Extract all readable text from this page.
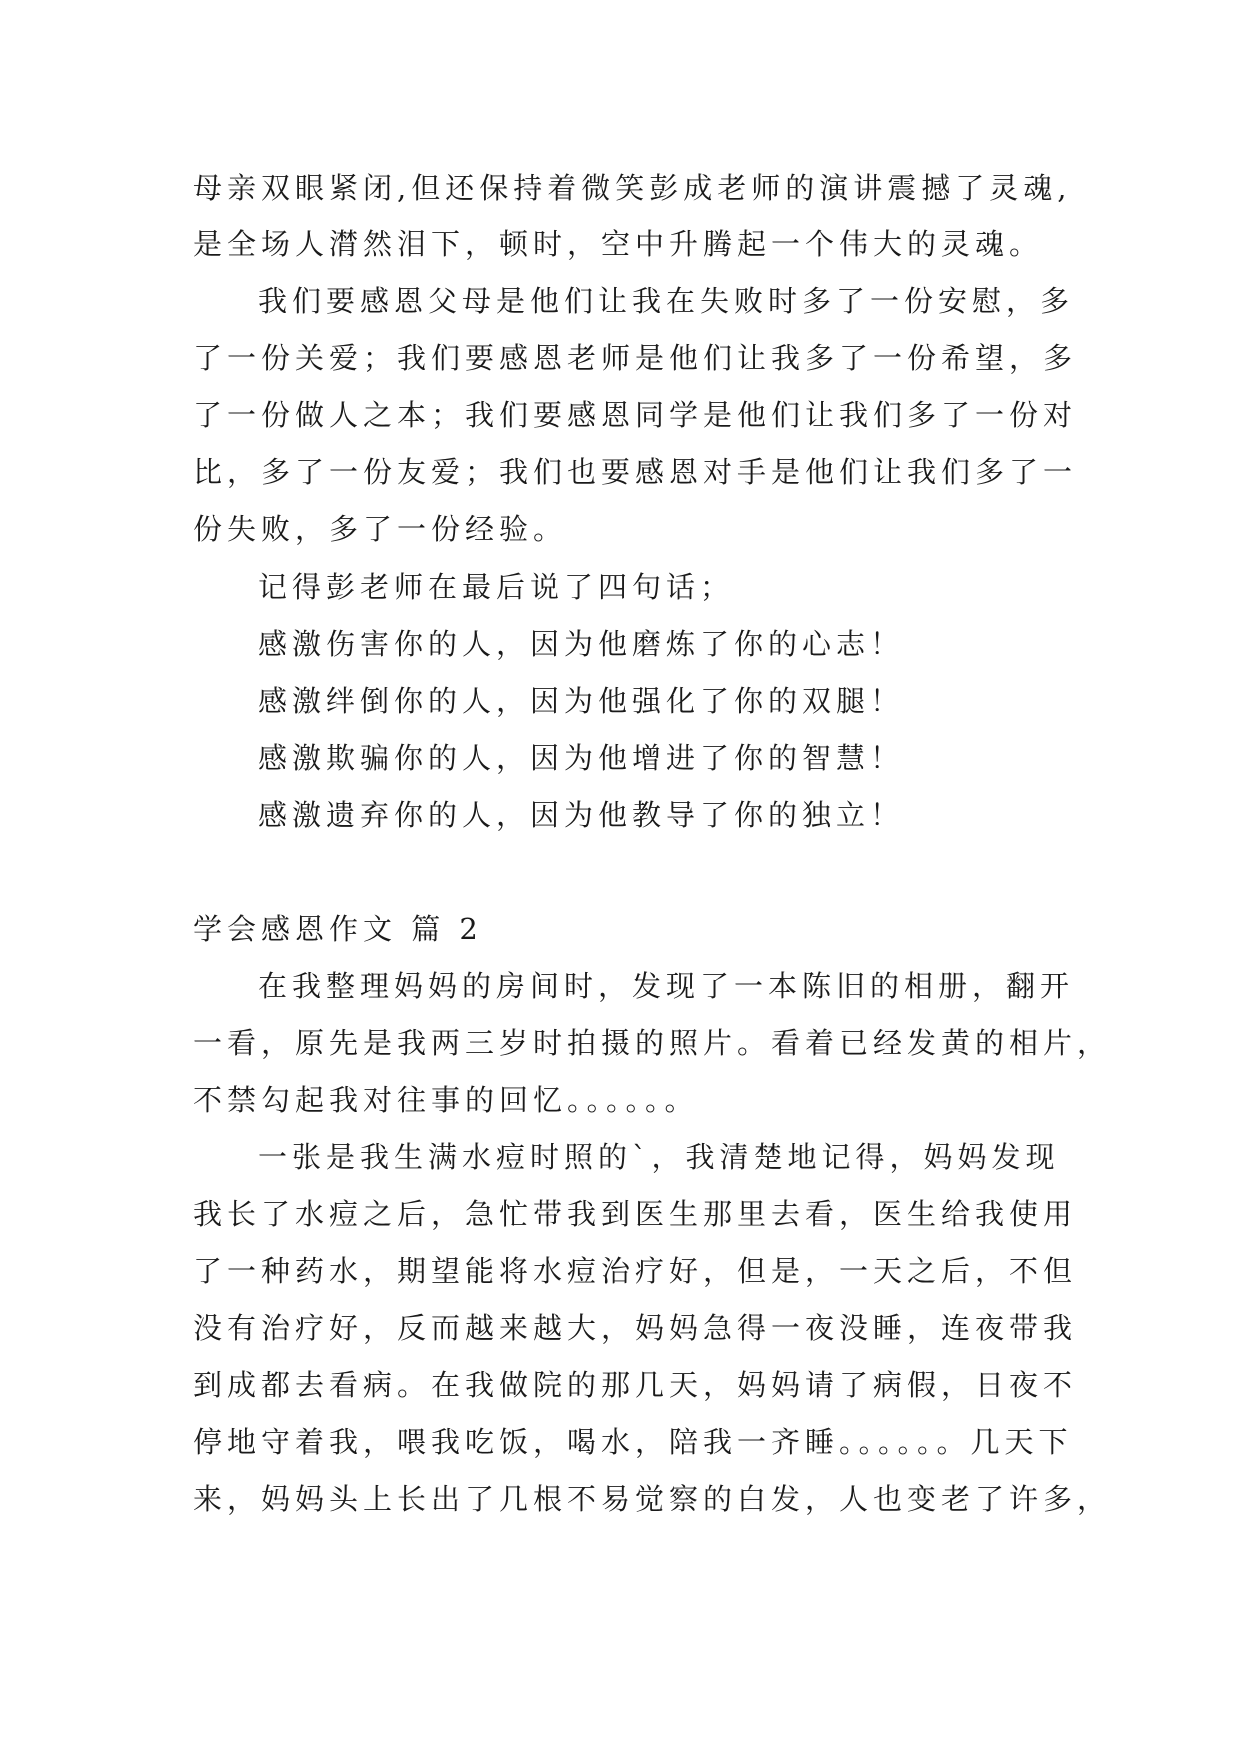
母亲双眼紧闭,但还保持着微笑彭成老师的演讲震撼了灵魂,
是全场人潸然泪下，顿时，空中升腾起一个伟大的灵魂。
我们要感恩父母是他们让我在失败时多了一份安慰，多
了一份关爱；我们要感恩老师是他们让我多了一份希望，多
了一份做人之本；我们要感恩同学是他们让我们多了一份对
比，多了一份友爱；我们也要感恩对手是他们让我们多了一
份失败，多了一份经验。
记得彭老师在最后说了四句话；
感激伤害你的人，因为他磨炼了你的心志！
感激绊倒你的人，因为他强化了你的双腿！
感激欺骗你的人，因为他增进了你的智慧！
感激遗弃你的人，因为他教导了你的独立！
学会感恩作文 篇 2
在我整理妈妈的房间时，发现了一本陈旧的相册，翻开
一看，原先是我两三岁时拍摄的照片。看着已经发黄的相片，
不禁勾起我对往事的回忆。。。。。。
一张是我生满水痘时照的`，我清楚地记得，妈妈发现
我长了水痘之后，急忙带我到医生那里去看，医生给我使用
了一种药水，期望能将水痘治疗好，但是，一天之后，不但
没有治疗好，反而越来越大，妈妈急得一夜没睡，连夜带我
到成都去看病。在我做院的那几天，妈妈请了病假，日夜不
停地守着我，喂我吃饭，喝水，陪我一齐睡。。。。。。几天下
来，妈妈头上长出了几根不易觉察的白发，人也变老了许多，
